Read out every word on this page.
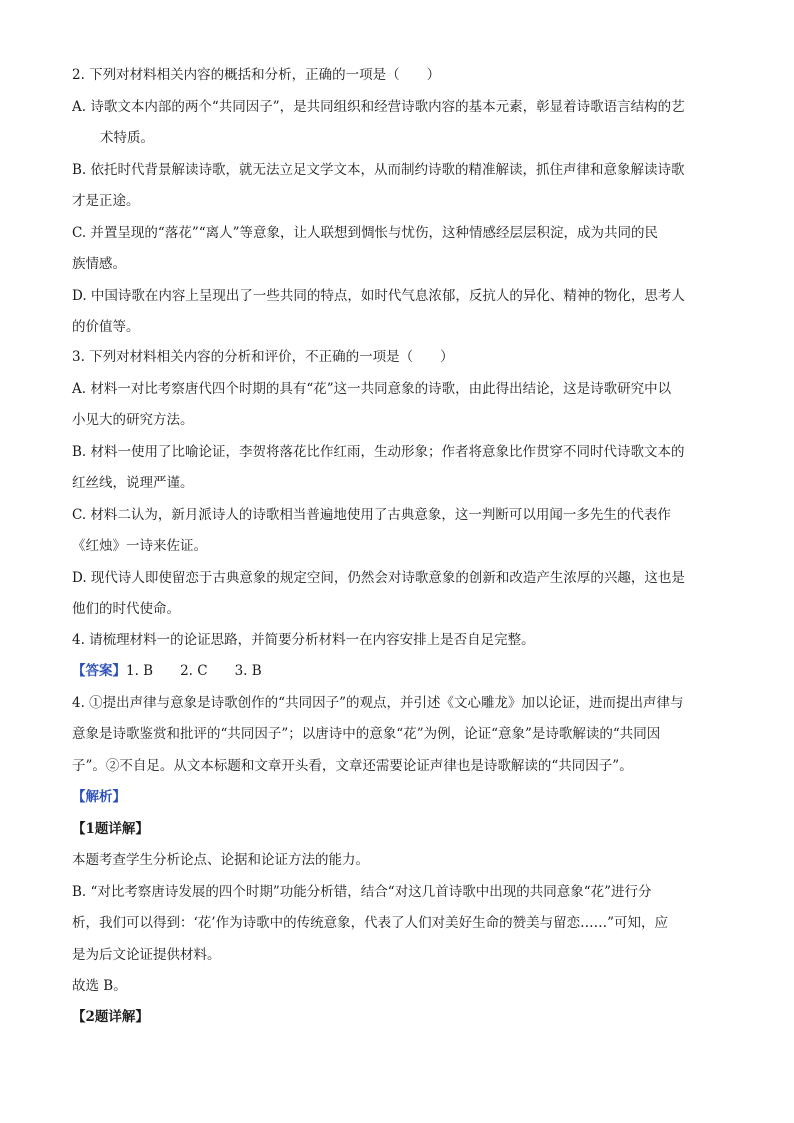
2. 下列对材料相关内容的概括和分析，正确的一项是（　　）
A. 诗歌文本内部的两个“共同因子”，是共同组织和经营诗歌内容的基本元素，彰显着诗歌语言结构的艺
术特质。
B. 依托时代背景解读诗歌，就无法立足文学文本，从而制约诗歌的精准解读，抓住声律和意象解读诗歌
才是正途。
C. 并置呈现的“落花”“离人”等意象，让人联想到惆怅与忧伤，这种情感经层层积淀，成为共同的民
族情感。
D. 中国诗歌在内容上呈现出了一些共同的特点，如时代气息浓郁，反抗人的异化、精神的物化，思考人
的价值等。
3. 下列对材料相关内容的分析和评价，不正确的一项是（　　）
A. 材料一对比考察唐代四个时期的具有“花”这一共同意象的诗歌，由此得出结论，这是诗歌研究中以
小见大的研究方法。
B. 材料一使用了比喻论证，李贺将落花比作红雨，生动形象；作者将意象比作贯穿不同时代诗歌文本的
红丝线，说理严谨。
C. 材料二认为，新月派诗人的诗歌相当普遍地使用了古典意象，这一判断可以用闻一多先生的代表作
《红烛》一诗来佐证。
D. 现代诗人即使留恋于古典意象的规定空间，仍然会对诗歌意象的创新和改造产生浓厚的兴趣，这也是
他们的时代使命。
4. 请梳理材料一的论证思路，并简要分析材料一在内容安排上是否自足完整。
【答案】1. B　　2. C　　3. B
4. ①提出声律与意象是诗歌创作的“共同因子”的观点，并引述《文心雕龙》加以论证，进而提出声律与
意象是诗歌鉴赏和批评的“共同因子”；以唐诗中的意象“花”为例，论证“意象”是诗歌解读的“共同因
子”。②不自足。从文本标题和文章开头看，文章还需要论证声律也是诗歌解读的“共同因子”。
【解析】
【1题详解】
本题考查学生分析论点、论据和论证方法的能力。
B. “对比考察唐诗发展的四个时期”功能分析错，结合“对这几首诗歌中出现的共同意象“花”进行分
析，我们可以得到：‘花’作为诗歌中的传统意象，代表了人们对美好生命的赞美与留恋……”可知，应
是为后文论证提供材料。
故选 B。
【2题详解】
